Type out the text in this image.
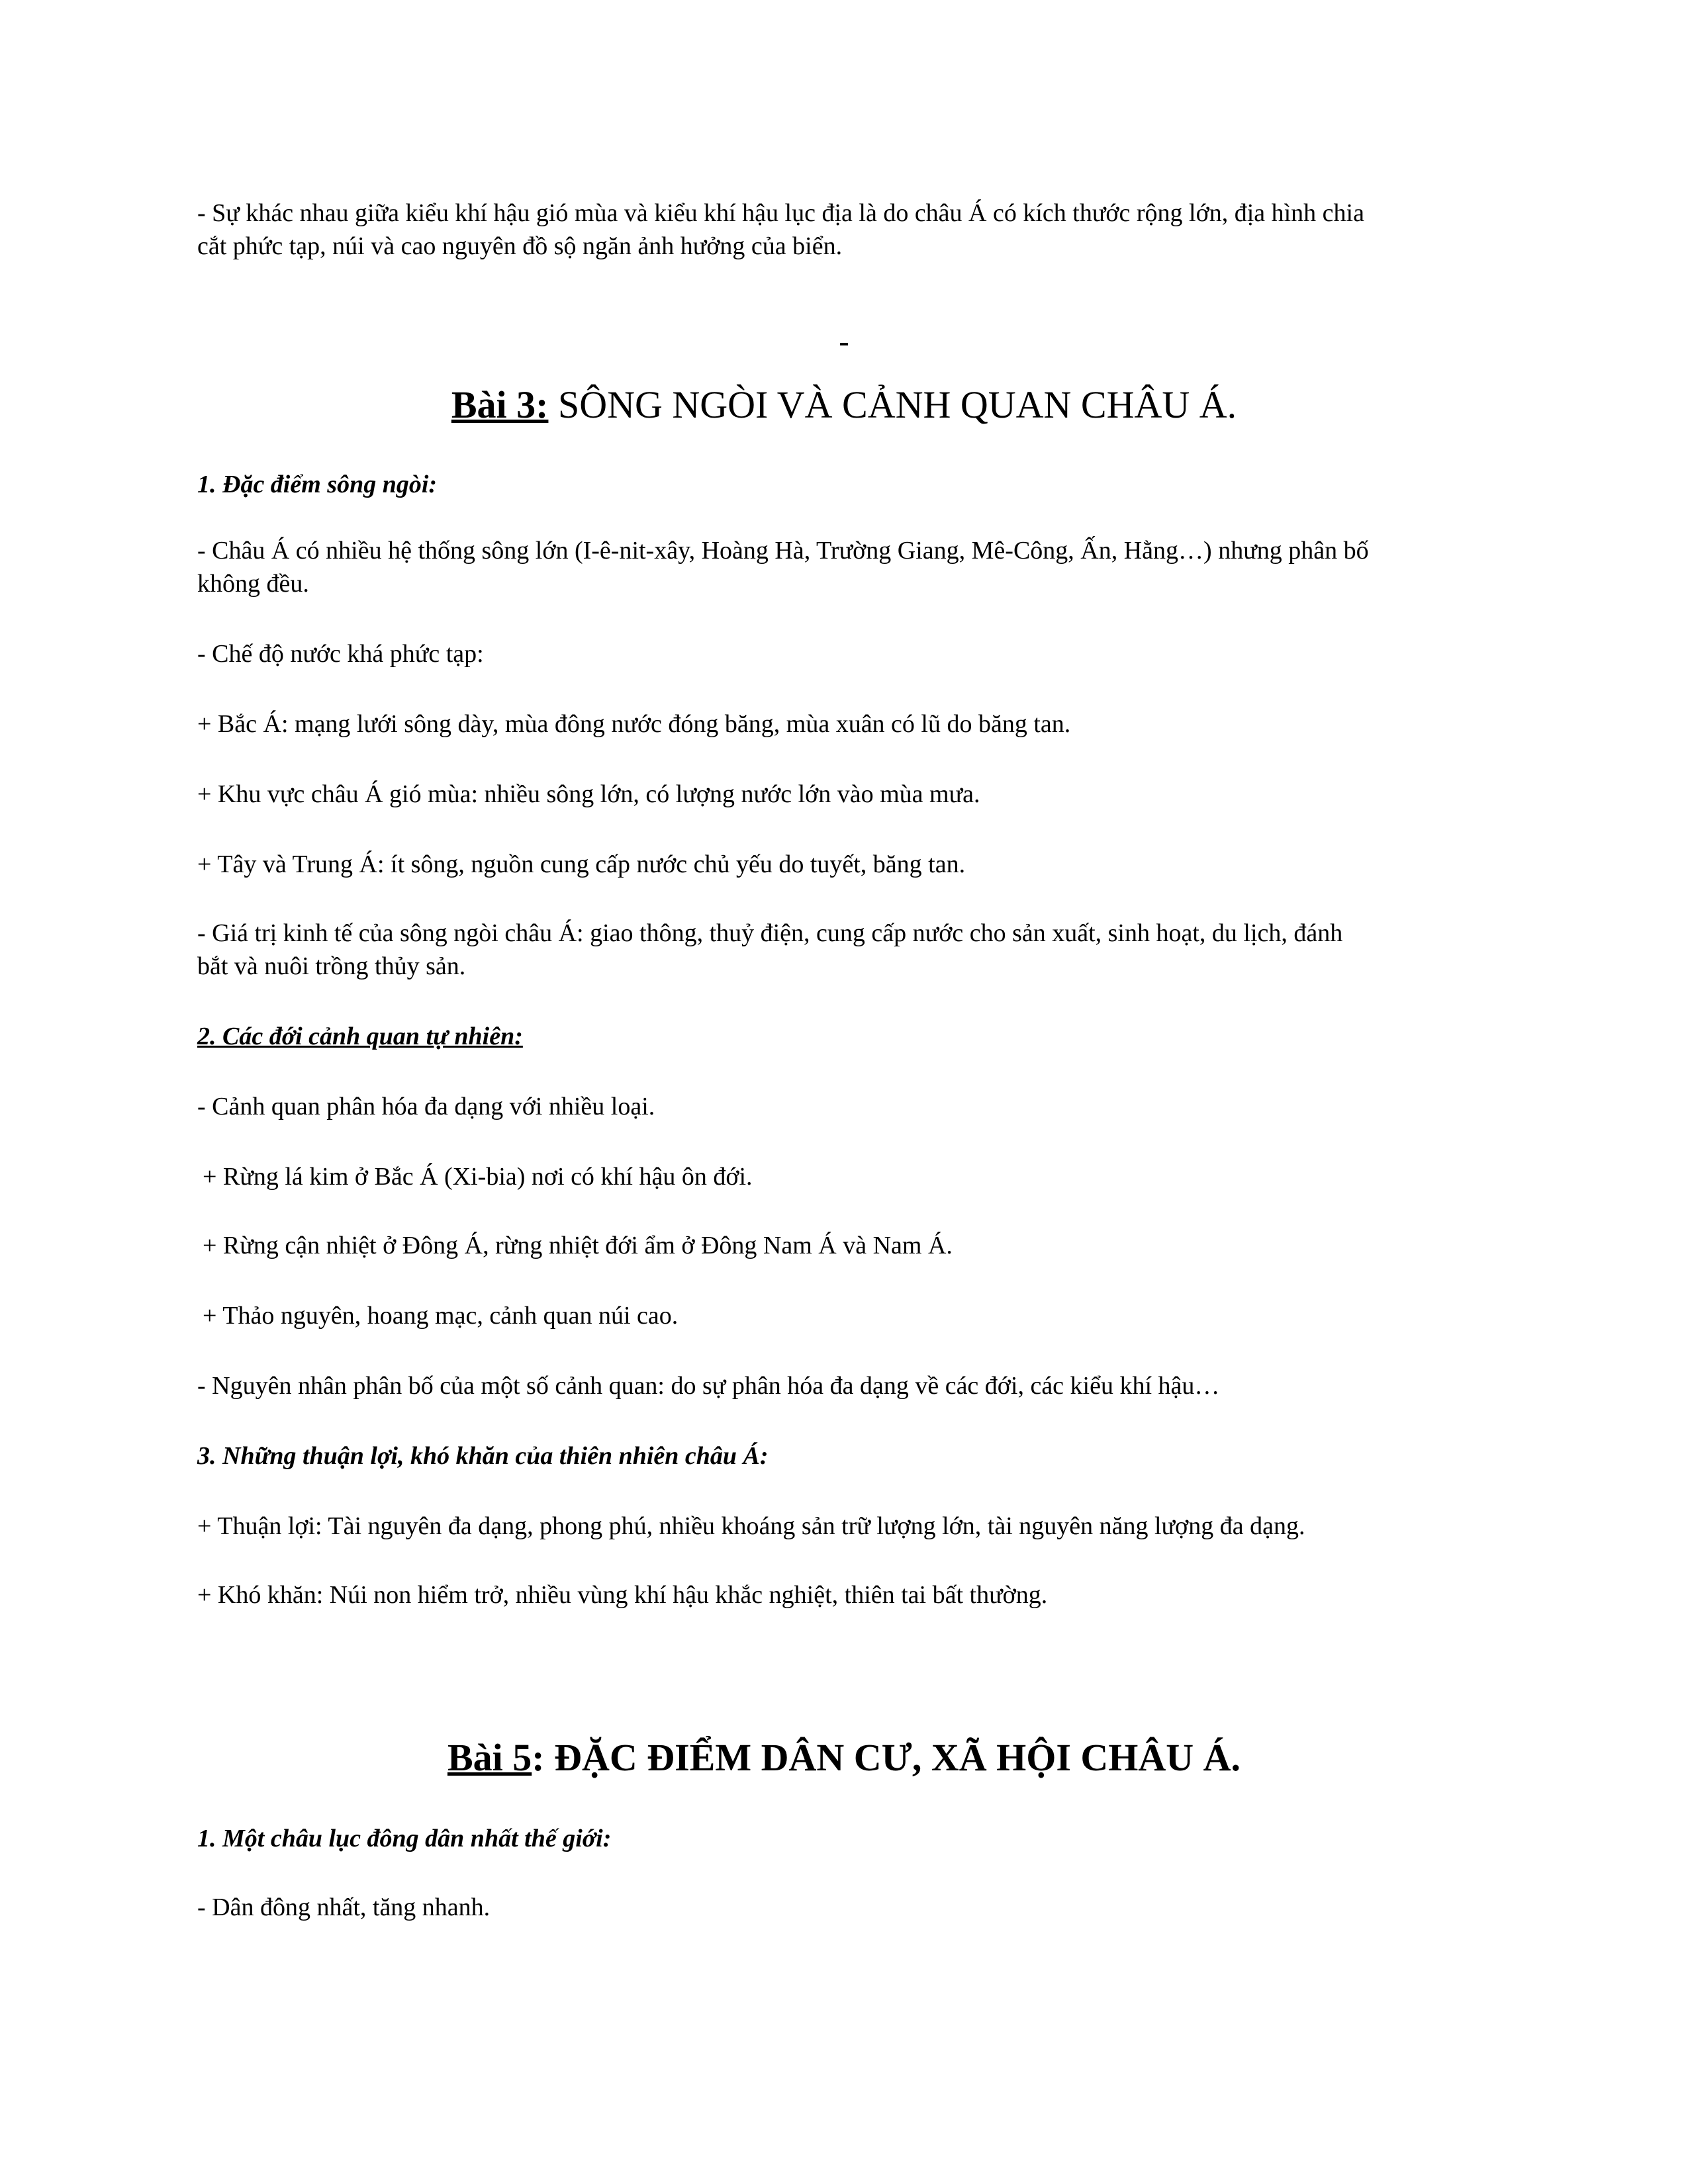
- Sự khác nhau giữa kiểu khí hậu gió mùa và kiểu khí hậu lục địa là do châu Á có kích thước rộng lớn, địa hình chia

cắt phức tạp, núi và cao nguyên đồ sộ ngăn ảnh hưởng của biển.

-
Bài 3: SÔNG NGÒI VÀ CẢNH QUAN CHÂU Á.

1. Đặc điểm sông ngòi:

- Châu Á có nhiều hệ thống sông lớn (I-ê-nit-xây, Hoàng Hà, Trường Giang, Mê-Công, Ấn, Hằng…) nhưng phân bố

không đều.

- Chế độ nước khá phức tạp:

+ Bắc Á: mạng lưới sông dày, mùa đông nước đóng băng, mùa xuân có lũ do băng tan.

+ Khu vực châu Á gió mùa: nhiều sông lớn, có lượng nước lớn vào mùa mưa.

+ Tây và Trung Á: ít sông, nguồn cung cấp nước chủ yếu do tuyết, băng tan.

- Giá trị kinh tế của sông ngòi châu Á: giao thông, thuỷ điện, cung cấp nước cho sản xuất, sinh hoạt, du lịch, đánh

bắt và nuôi trồng thủy sản.

2. Các đới cảnh quan tự nhiên:

- Cảnh quan phân hóa đa dạng với nhiều loại.

+ Rừng lá kim ở Bắc Á (Xi-bia) nơi có khí hậu ôn đới.

+ Rừng cận nhiệt ở Đông Á, rừng nhiệt đới ẩm ở Đông Nam Á và Nam Á.

+ Thảo nguyên, hoang mạc, cảnh quan núi cao.

- Nguyên nhân phân bố của một số cảnh quan: do sự phân hóa đa dạng về các đới, các kiểu khí hậu…

3. Những thuận lợi, khó khăn của thiên nhiên châu Á:

+ Thuận lợi: Tài nguyên đa dạng, phong phú, nhiều khoáng sản trữ lượng lớn, tài nguyên năng lượng đa dạng.

+ Khó khăn: Núi non hiểm trở, nhiều vùng khí hậu khắc nghiệt, thiên tai bất thường.

Bài 5: ĐẶC ĐIỂM DÂN CƯ, XÃ HỘI CHÂU Á.

1. Một châu lục đông dân nhất thế giới:

- Dân đông nhất, tăng nhanh.
